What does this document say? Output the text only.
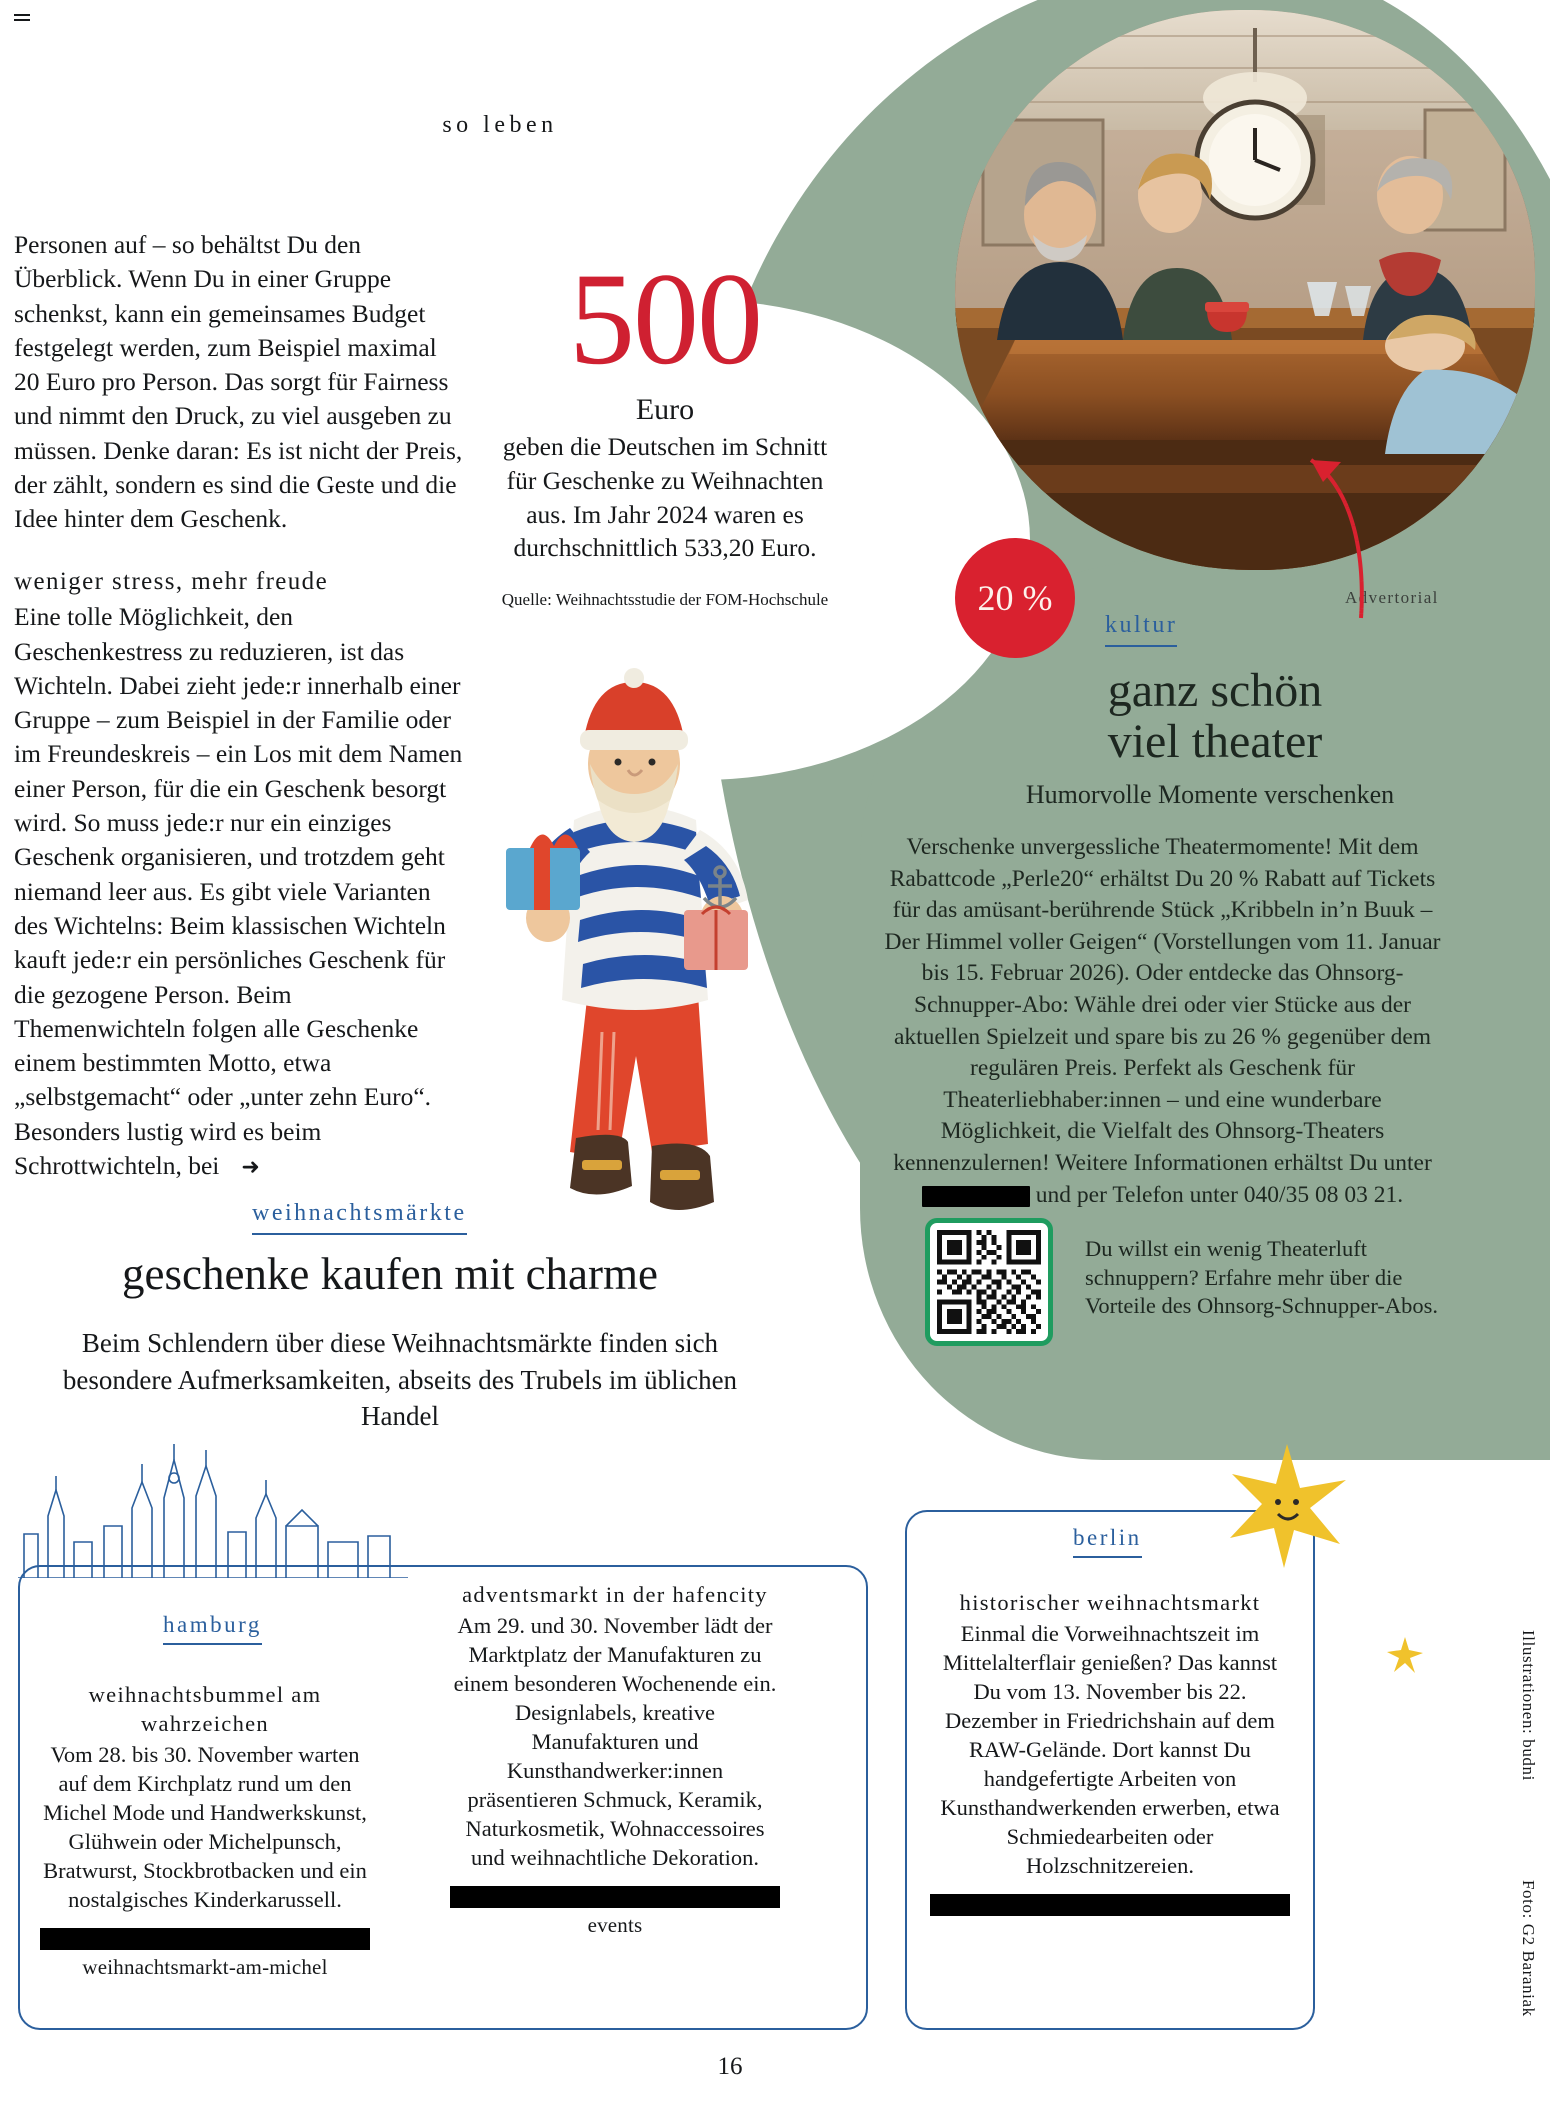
so leben

Personen auf – so behältst Du den Überblick. Wenn Du in einer Gruppe schenkst, kann ein gemeinsames Budget festgelegt werden, zum Beispiel maximal 20 Euro pro Person. Das sorgt für Fairness und nimmt den Druck, zu viel ausgeben zu müssen. Denke daran: Es ist nicht der Preis, der zählt, sondern es sind die Geste und die Idee hinter dem Geschenk.

weniger stress, mehr freude

Eine tolle Möglichkeit, den Geschenkestress zu reduzieren, ist das Wichteln. Dabei zieht jede:r innerhalb einer Gruppe – zum Beispiel in der Familie oder im Freundeskreis – ein Los mit dem Namen einer Person, für die ein Geschenk besorgt wird. So muss jede:r nur ein einziges Geschenk organisieren, und trotzdem geht niemand leer aus. Es gibt viele Varianten des Wichtelns: Beim klassischen Wichteln kauft jede:r ein persönliches Geschenk für die gezogene Person. Beim Themenwichteln folgen alle Geschenke einem bestimmten Motto, etwa „selbstgemacht“ oder „unter zehn Euro“. Besonders lustig wird es beim Schrottwichteln, bei ➜

500
Euro
geben die Deutschen im Schnitt für Geschenke zu Weihnachten aus. Im Jahr 2024 waren es durchschnittlich 533,20 Euro.
Quelle: Weihnachtsstudie der FOM-Hochschule	20 %	Advertorial
kultur
ganz schön
viel theater
Humorvolle Momente verschenken
Verschenke unvergessliche Theatermomente! Mit dem Rabattcode „Perle20“ erhältst Du 20 % Rabatt auf Tickets für das amüsant-berührende Stück „Kribbeln in’n Buuk – Der Himmel voller Geigen“ (Vorstellungen vom 11. Januar bis 15. Februar 2026). Oder entdecke das Ohnsorg-Schnupper-Abo: Wähle drei oder vier Stücke aus der aktuellen Spielzeit und spare bis zu 26 % gegenüber dem regulären Preis. Perfekt als Geschenk für Theaterliebhaber:innen – und eine wunderbare Möglichkeit, die Vielfalt des Ohnsorg-Theaters kennenzulernen! Weitere Informationen erhältst Du unter  und per Telefon unter 040/35 08 03 21.
Du willst ein wenig Theaterluft schnuppern? Erfahre mehr über die Vorteile des Ohnsorg-Schnupper-Abos.
weihnachtsmärkte
geschenke kaufen mit charme
Beim Schlendern über diese Weihnachtsmärkte finden sich besondere Aufmerksamkeiten, abseits des Trubels im üblichen Handel
hamburg
berlin
weihnachtsbummel am wahrzeichen
Vom 28. bis 30. November warten auf dem Kirchplatz rund um den Michel Mode und Handwerkskunst, Glühwein oder Michelpunsch, Bratwurst, Stockbrotbacken und ein nostalgisches Kinderkarussell.
weihnachtsmarkt-am-michel
adventsmarkt in der hafencity
Am 29. und 30. November lädt der Marktplatz der Manufakturen zu einem besonderen Wochenende ein. Designlabels, kreative Manufakturen und Kunsthandwerker:innen präsentieren Schmuck, Keramik, Naturkosmetik, Wohnaccessoires und weihnachtliche Dekoration.
events
historischer weihnachtsmarkt
Einmal die Vorweihnachtszeit im Mittelalterflair genießen? Das kannst Du vom 13. November bis 22. Dezember in Friedrichshain auf dem RAW-Gelände. Dort kannst Du handgefertigte Arbeiten von Kunsthandwerkenden erwerben, etwa Schmiedearbeiten oder Holzschnitzereien.
Illustrationen: budni
Foto: G2 Baraniak
16
